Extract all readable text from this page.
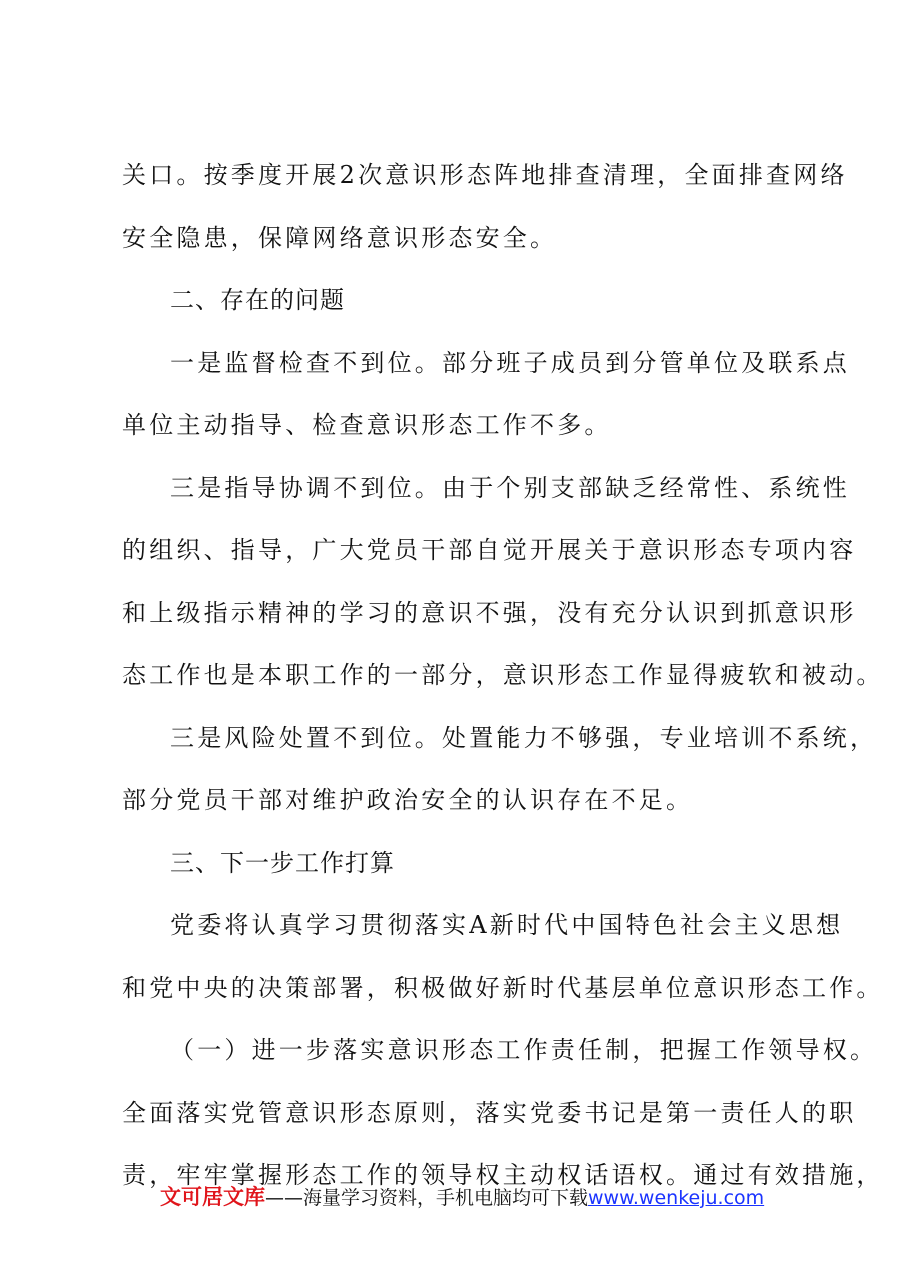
关口。按季度开展2次意识形态阵地排查清理，全面排查网络
安全隐患，保障网络意识形态安全。
二、存在的问题
一是监督检查不到位。部分班子成员到分管单位及联系点
单位主动指导、检查意识形态工作不多。
三是指导协调不到位。由于个别支部缺乏经常性、系统性
的组织、指导，广大党员干部自觉开展关于意识形态专项内容
和上级指示精神的学习的意识不强，没有充分认识到抓意识形
态工作也是本职工作的一部分，意识形态工作显得疲软和被动。
三是风险处置不到位。处置能力不够强，专业培训不系统，
部分党员干部对维护政治安全的认识存在不足。
三、下一步工作打算
党委将认真学习贯彻落实A新时代中国特色社会主义思想
和党中央的决策部署，积极做好新时代基层单位意识形态工作。
（一）进一步落实意识形态工作责任制，把握工作领导权。
全面落实党管意识形态原则，落实党委书记是第一责任人的职
责，牢牢掌握形态工作的领导权主动权话语权。通过有效措施，
文可居文库——海量学习资料，手机电脑均可下载www.wenkeju.com
